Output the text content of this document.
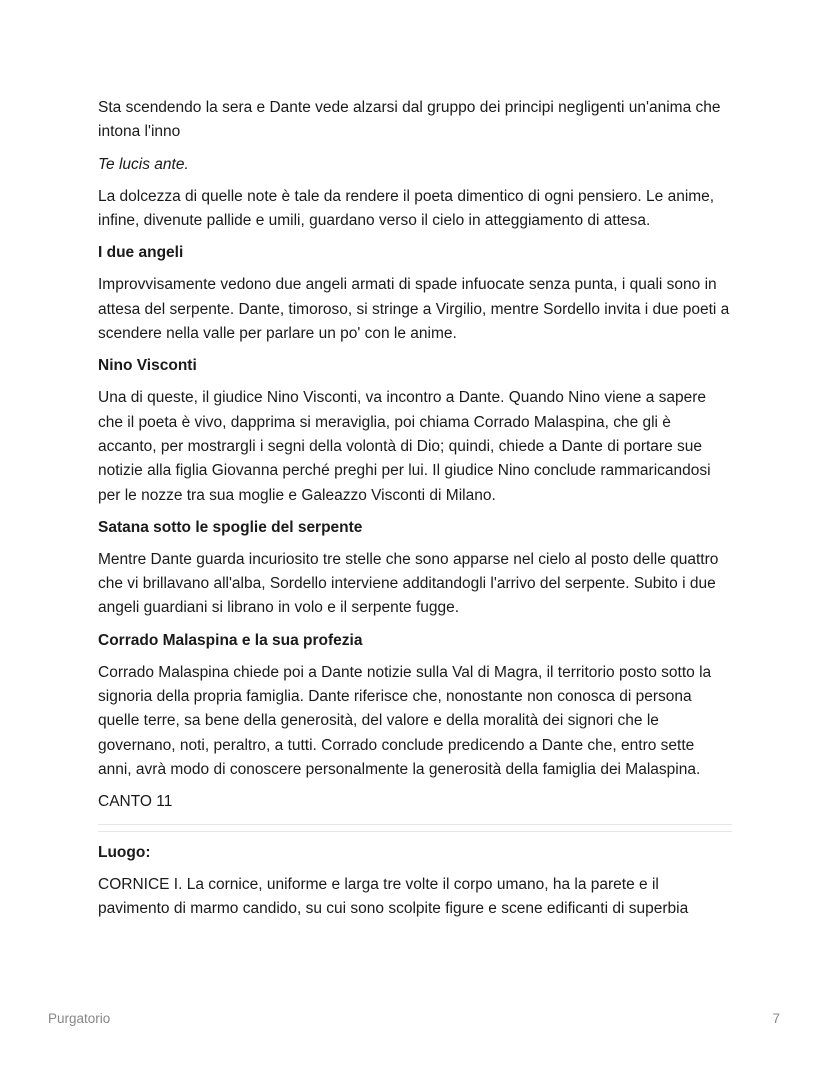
Sta scendendo la sera e Dante vede alzarsi dal gruppo dei principi negligenti un'anima che intona l'inno

Te lucis ante.

La dolcezza di quelle note è tale da rendere il poeta dimentico di ogni pensiero. Le anime, infine, divenute pallide e umili, guardano verso il cielo in atteggiamento di attesa.

I due angeli

Improvvisamente vedono due angeli armati di spade infuocate senza punta, i quali sono in attesa del serpente. Dante, timoroso, si stringe a Virgilio, mentre Sordello invita i due poeti a scendere nella valle per parlare un po' con le anime.

Nino Visconti

Una di queste, il giudice Nino Visconti, va incontro a Dante. Quando Nino viene a sapere che il poeta è vivo, dapprima si meraviglia, poi chiama Corrado Malaspina, che gli è accanto, per mostrargli i segni della volontà di Dio; quindi, chiede a Dante di portare sue notizie alla figlia Giovanna perché preghi per lui. Il giudice Nino conclude rammaricandosi per le nozze tra sua moglie e Galeazzo Visconti di Milano.

Satana sotto le spoglie del serpente

Mentre Dante guarda incuriosito tre stelle che sono apparse nel cielo al posto delle quattro che vi brillavano all'alba, Sordello interviene additandogli l'arrivo del serpente. Subito i due angeli guardiani si librano in volo e il serpente fugge.

Corrado Malaspina e la sua profezia

Corrado Malaspina chiede poi a Dante notizie sulla Val di Magra, il territorio posto sotto la signoria della propria famiglia. Dante riferisce che, nonostante non conosca di persona quelle terre, sa bene della generosità, del valore e della moralità dei signori che le governano, noti, peraltro, a tutti. Corrado conclude predicendo a Dante che, entro sette anni, avrà modo di conoscere personalmente la generosità della famiglia dei Malaspina.

CANTO 11

Luogo:

CORNICE I. La cornice, uniforme e larga tre volte il corpo umano, ha la parete e il pavimento di marmo candido, su cui sono scolpite figure e scene edificanti di superbia

Purgatorio	7
